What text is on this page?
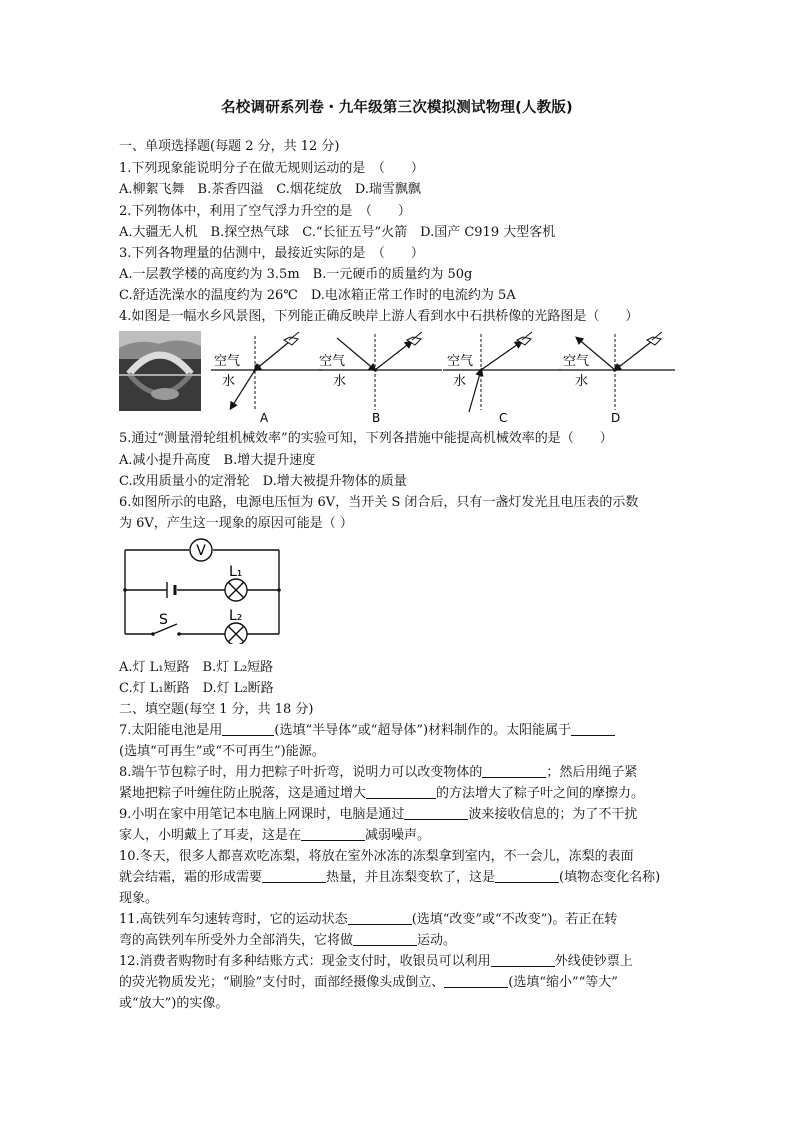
名校调研系列卷・九年级第三次模拟测试物理(人教版)
一、单项选择题(每题 2 分，共 12 分)
1.下列现象能说明分子在做无规则运动的是　（　　）
A.柳絮飞舞　B.茶香四溢　C.烟花绽放　D.瑞雪飘飘
2.下列物体中，利用了空气浮力升空的是　（　　）
A.大疆无人机　B.探空热气球　C.“长征五号”火箭　D.国产 C919 大型客机
3.下列各物理量的估测中，最接近实际的是　（　　）
A.一层教学楼的高度约为 3.5m　B.一元硬币的质量约为 50g
C.舒适洗澡水的温度约为 26℃　D.电冰箱正常工作时的电流约为 5A
4.如图是一幅水乡风景图，下列能正确反映岸上游人看到水中石拱桥像的光路图是（　　）
空气
水
A
空气
水
B
空气
水
C
空气
水
D
5.通过“测量滑轮组机械效率”的实验可知，下列各措施中能提高机械效率的是（　　）
A.减小提升高度　B.增大提升速度
C.改用质量小的定滑轮　D.增大被提升物体的质量
6.如图所示的电路，电源电压恒为 6V，当开关 S 闭合后，只有一盏灯发光且电压表的示数
为 6V，产生这一现象的原因可能是（ ）
V
L₁
L₂
S
A.灯 L₁短路　B.灯 L₂短路
C.灯 L₁断路　D.灯 L₂断路
二、填空题(每空 1 分，共 18 分)
7.太阳能电池是用	(选填“半导体”或“超导体”)材料制作的。太阳能属于
(选填“可再生”或“不可再生”)能源。
8.端午节包粽子时，用力把粽子叶折弯，说明力可以改变物体的	；然后用绳子紧
紧地把粽子叶缠住防止脱落，这是通过增大	的方法增大了粽子叶之间的摩擦力。
9.小明在家中用笔记本电脑上网课时，电脑是通过	波来接收信息的；为了不干扰
家人，小明戴上了耳麦，这是在	减弱噪声。
10.冬天，很多人都喜欢吃冻梨，将放在室外冰冻的冻梨拿到室内，不一会儿，冻梨的表面
就会结霜，霜的形成需要	热量，并且冻梨变软了，这是	(填物态变化名称)
现象。
11.高铁列车匀速转弯时，它的运动状态	(选填“改变”或“不改变”)。若正在转
弯的高铁列车所受外力全部消失，它将做	运动。
12.消费者购物时有多种结账方式：现金支付时，收银员可以利用	外线使钞票上
的荧光物质发光；“刷脸”支付时，面部经摄像头成倒立、	(选填“缩小”“等大”
或“放大”)的实像。
